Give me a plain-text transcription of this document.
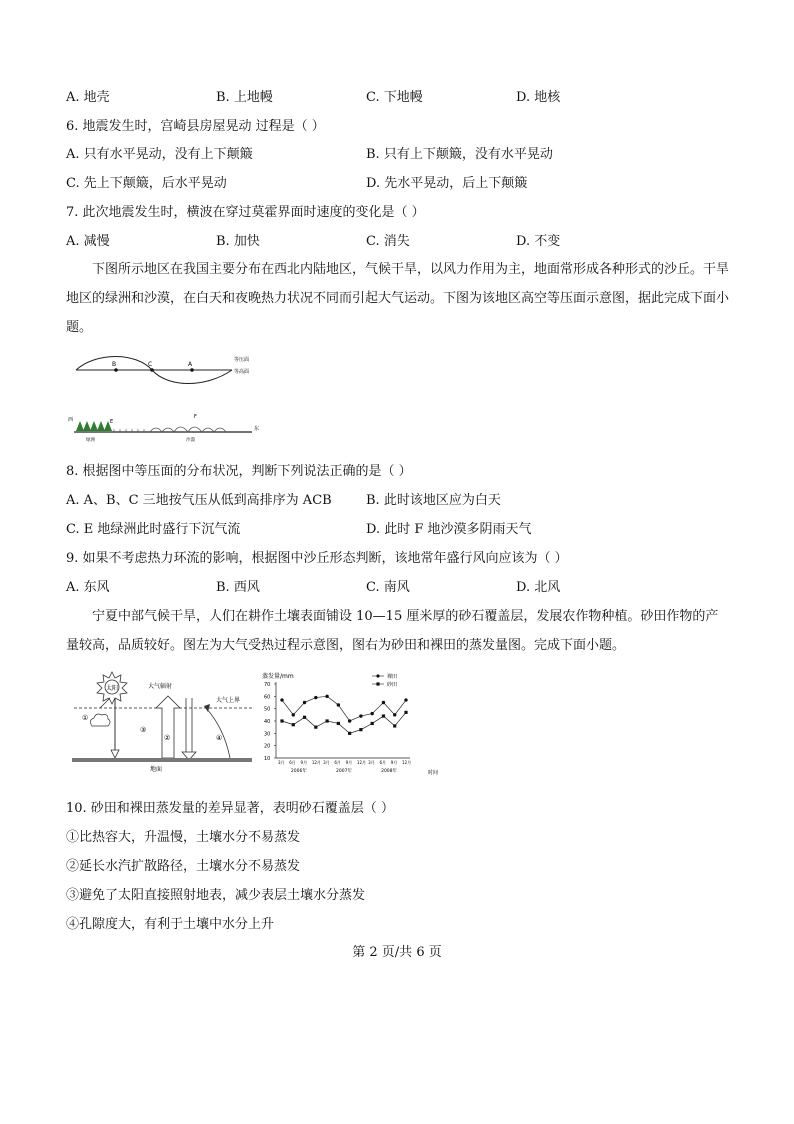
A. 地壳	B. 上地幔	C. 下地幔	D. 地核
6. 地震发生时，宫崎县房屋晃动 过程是（ ）
A. 只有水平晃动，没有上下颠簸	B. 只有上下颠簸，没有水平晃动
C. 先上下颠簸，后水平晃动	D. 先水平晃动，后上下颠簸
7. 此次地震发生时，横波在穿过莫霍界面时速度的变化是（ ）
A. 减慢	B. 加快	C. 消失	D. 不变
下图所示地区在我国主要分布在西北内陆地区，气候干旱，以风力作用为主，地面常形成各种形式的沙丘。干旱地区的绿洲和沙漠，在白天和夜晚热力状况不同而引起大气运动。下图为该地区高空等压面示意图，据此完成下面小题。
B	C	A
等压面
等高面
西
东
E
F
绿洲	沙漠
8. 根据图中等压面的分布状况，判断下列说法正确的是（ ）
A. A、B、C 三地按气压从低到高排序为 ACB	B. 此时该地区应为白天
C. E 地绿洲此时盛行下沉气流	D. 此时 F 地沙漠多阴雨天气
9. 如果不考虑热力环流的影响，根据图中沙丘形态判断，该地常年盛行风向应该为（ ）
A. 东风	B. 西风	C. 南风	D. 北风
宁夏中部气候干旱，人们在耕作土壤表面铺设 10—15 厘米厚的砂石覆盖层，发展农作物种植。砂田作物的产量较高，品质较好。图左为大气受热过程示意图，图右为砂田和裸田的蒸发量图。完成下面小题。
太阳	大气辐射
大气上界
①
③
②	④
地面
蒸发量/mm
10
20
30
40
50
60
70
3月 6月 9月 12月 3月 6月 9月 12月 3月 6月 9月 12月
2006年	2007年	2008年	时间
裸田
砂田
10. 砂田和裸田蒸发量的差异显著，表明砂石覆盖层（ ）
①比热容大，升温慢，土壤水分不易蒸发
②延长水汽扩散路径，土壤水分不易蒸发
③避免了太阳直接照射地表，减少表层土壤水分蒸发
④孔隙度大，有利于土壤中水分上升
第 2 页/共 6 页
